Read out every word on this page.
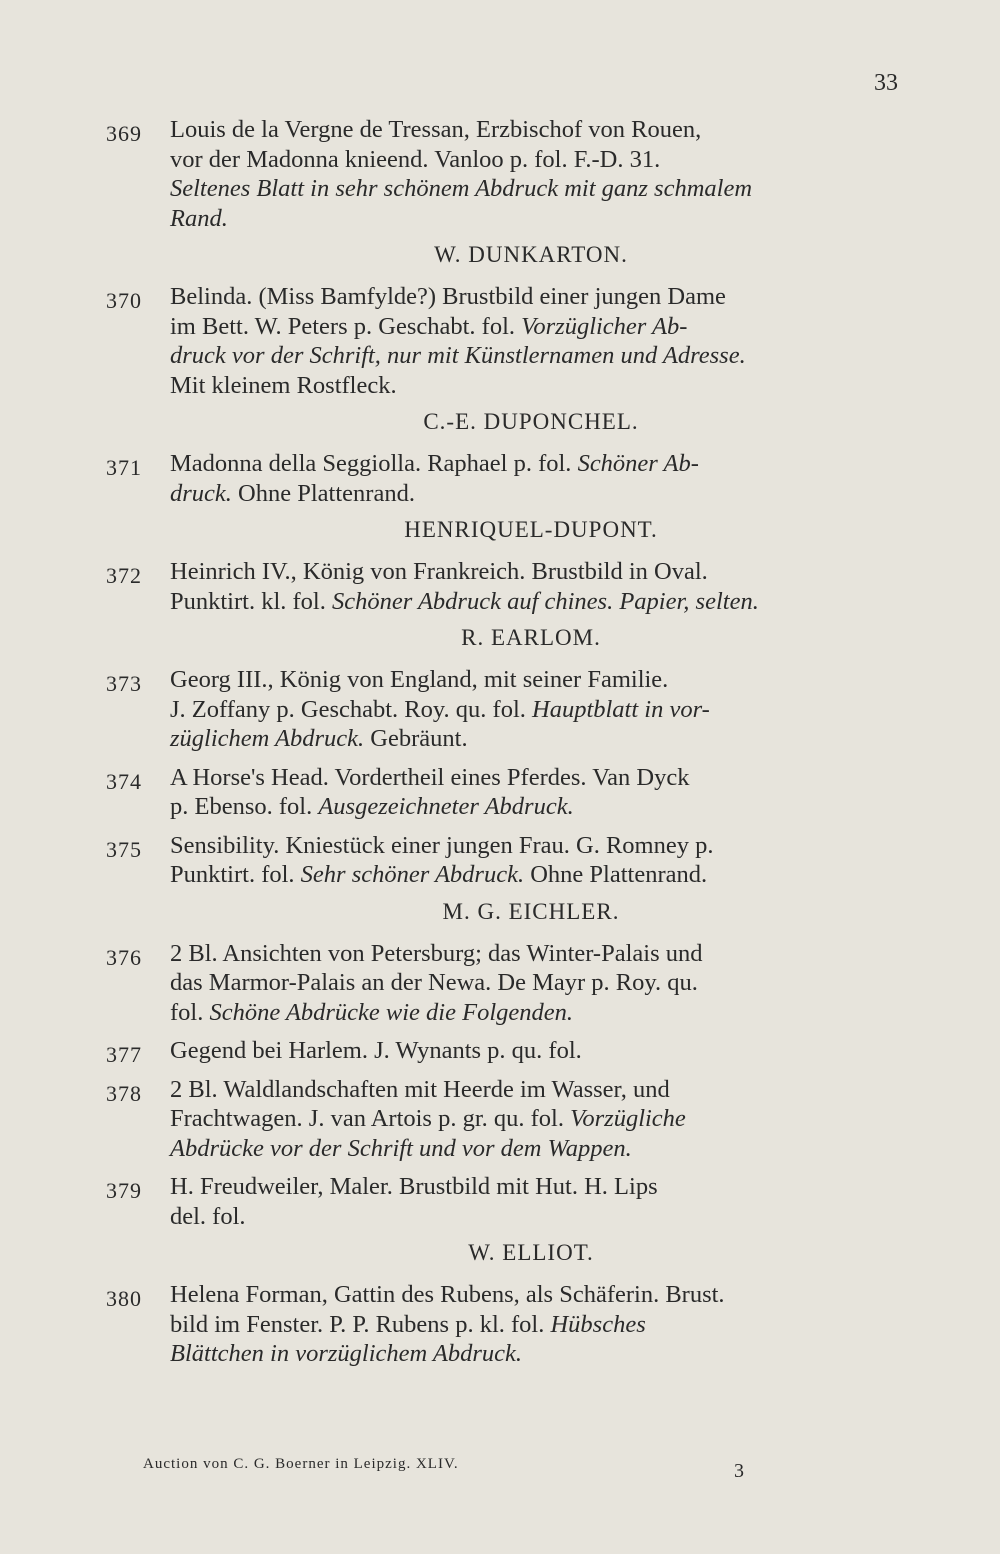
33
369 Louis de la Vergne de Tressan, Erzbischof von Rouen,
vor der Madonna knieend. Vanloo p. fol. F.-D. 31.
Seltenes Blatt in sehr schönem Abdruck mit ganz schmalem
Rand.
W. DUNKARTON.
370 Belinda. (Miss Bamfylde?) Brustbild einer jungen Dame
im Bett. W. Peters p. Geschabt. fol. Vorzüglicher Ab-
druck vor der Schrift, nur mit Künstlernamen und Adresse.
Mit kleinem Rostfleck.
C.-E. DUPONCHEL.
371 Madonna della Seggiolla. Raphael p. fol. Schöner Ab-
druck. Ohne Plattenrand.
HENRIQUEL-DUPONT.
372 Heinrich IV., König von Frankreich. Brustbild in Oval.
Punktirt. kl. fol. Schöner Abdruck auf chines. Papier, selten.
R. EARLOM.
373 Georg III., König von England, mit seiner Familie.
J. Zoffany p. Geschabt. Roy. qu. fol. Hauptblatt in vor-
züglichem Abdruck. Gebräunt.
374 A Horse's Head. Vordertheil eines Pferdes. Van Dyck
p. Ebenso. fol. Ausgezeichneter Abdruck.
375 Sensibility. Kniestück einer jungen Frau. G. Romney p.
Punktirt. fol. Sehr schöner Abdruck. Ohne Plattenrand.
M. G. EICHLER.
376 2 Bl. Ansichten von Petersburg; das Winter-Palais und
das Marmor-Palais an der Newa. De Mayr p. Roy. qu.
fol. Schöne Abdrücke wie die Folgenden.
377 Gegend bei Harlem. J. Wynants p. qu. fol.
378 2 Bl. Waldlandschaften mit Heerde im Wasser, und
Frachtwagen. J. van Artois p. gr. qu. fol. Vorzügliche
Abdrücke vor der Schrift und vor dem Wappen.
379 H. Freudweiler, Maler. Brustbild mit Hut. H. Lips
del. fol.
W. ELLIOT.
380 Helena Forman, Gattin des Rubens, als Schäferin. Brust.
bild im Fenster. P. P. Rubens p. kl. fol. Hübsches
Blättchen in vorzüglichem Abdruck.
Auction von C. G. Boerner in Leipzig. XLIV.	3
